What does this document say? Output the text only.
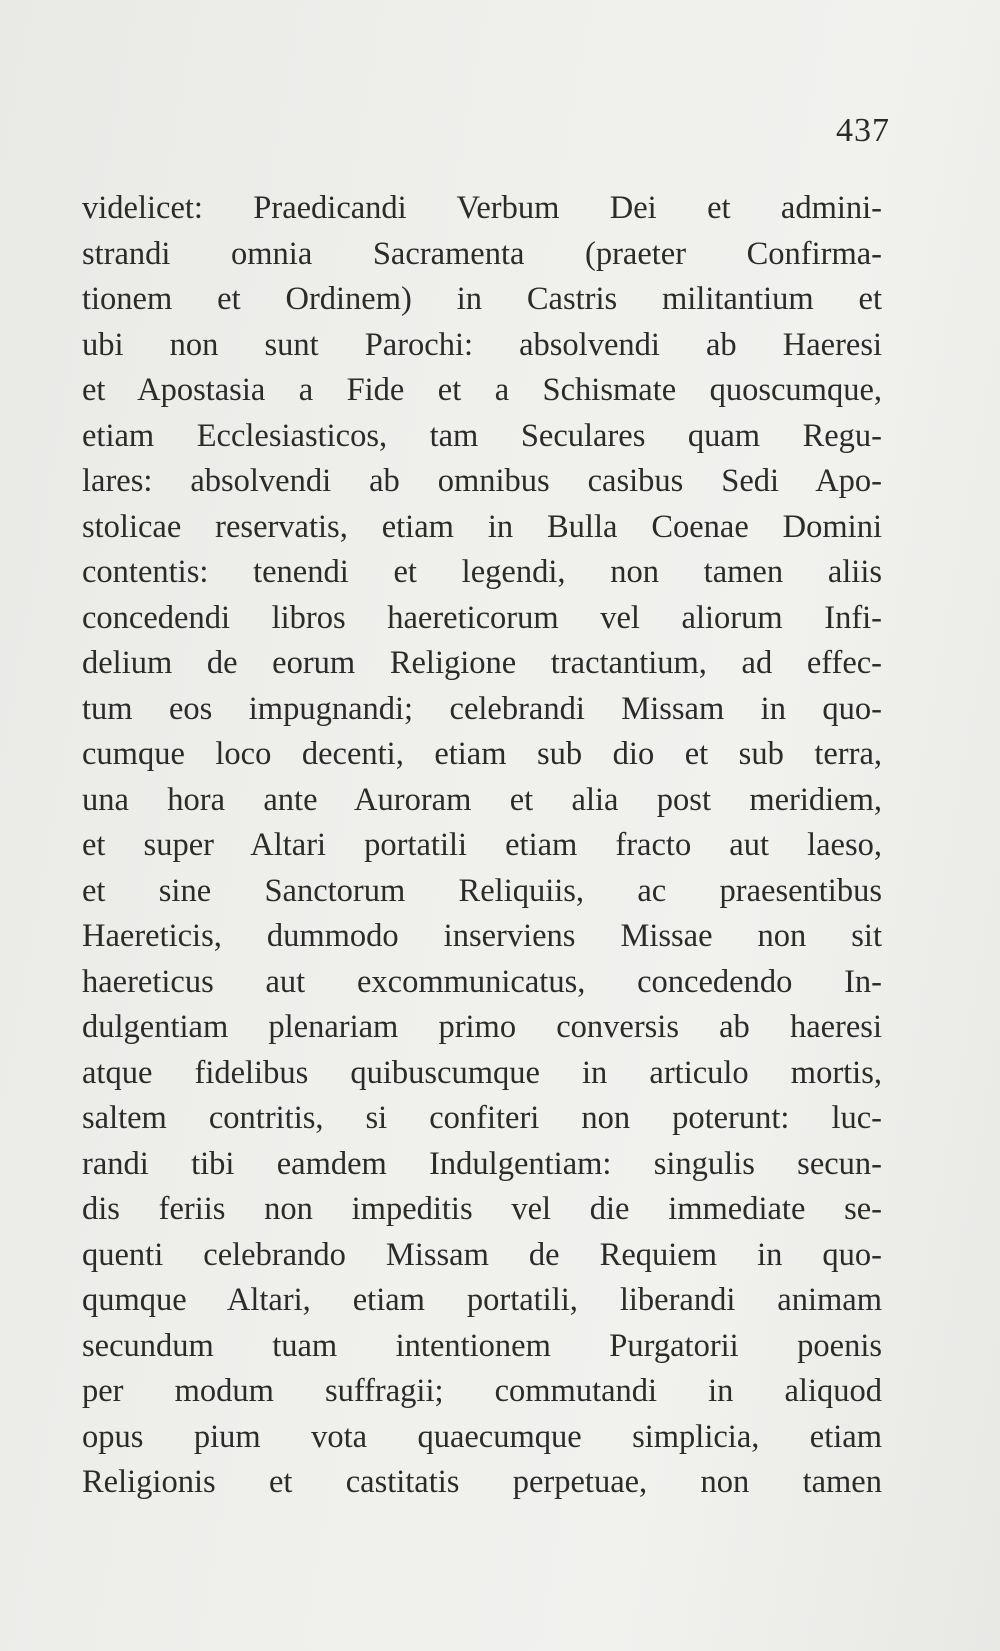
437
videlicet: Praedicandi Verbum Dei et admini-
strandi omnia Sacramenta (praeter Confirma-
tionem et Ordinem) in Castris militantium et
ubi non sunt Parochi: absolvendi ab Haeresi
et Apostasia a Fide et a Schismate quoscumque,
etiam Ecclesiasticos, tam Seculares quam Regu-
lares: absolvendi ab omnibus casibus Sedi Apo-
stolicae reservatis, etiam in Bulla Coenae Domini
contentis: tenendi et legendi, non tamen aliis
concedendi libros haereticorum vel aliorum Infi-
delium de eorum Religione tractantium, ad effec-
tum eos impugnandi; celebrandi Missam in quo-
cumque loco decenti, etiam sub dio et sub terra,
una hora ante Auroram et alia post meridiem,
et super Altari portatili etiam fracto aut laeso,
et sine Sanctorum Reliquiis, ac praesentibus
Haereticis, dummodo inserviens Missae non sit
haereticus aut excommunicatus, concedendo In-
dulgentiam plenariam primo conversis ab haeresi
atque fidelibus quibuscumque in articulo mortis,
saltem contritis, si confiteri non poterunt: luc-
randi tibi eamdem Indulgentiam: singulis secun-
dis feriis non impeditis vel die immediate se-
quenti celebrando Missam de Requiem in quo-
qumque Altari, etiam portatili, liberandi animam
secundum tuam intentionem Purgatorii poenis
per modum suffragii; commutandi in aliquod
opus pium vota quaecumque simplicia, etiam
Religionis et castitatis perpetuae, non tamen
